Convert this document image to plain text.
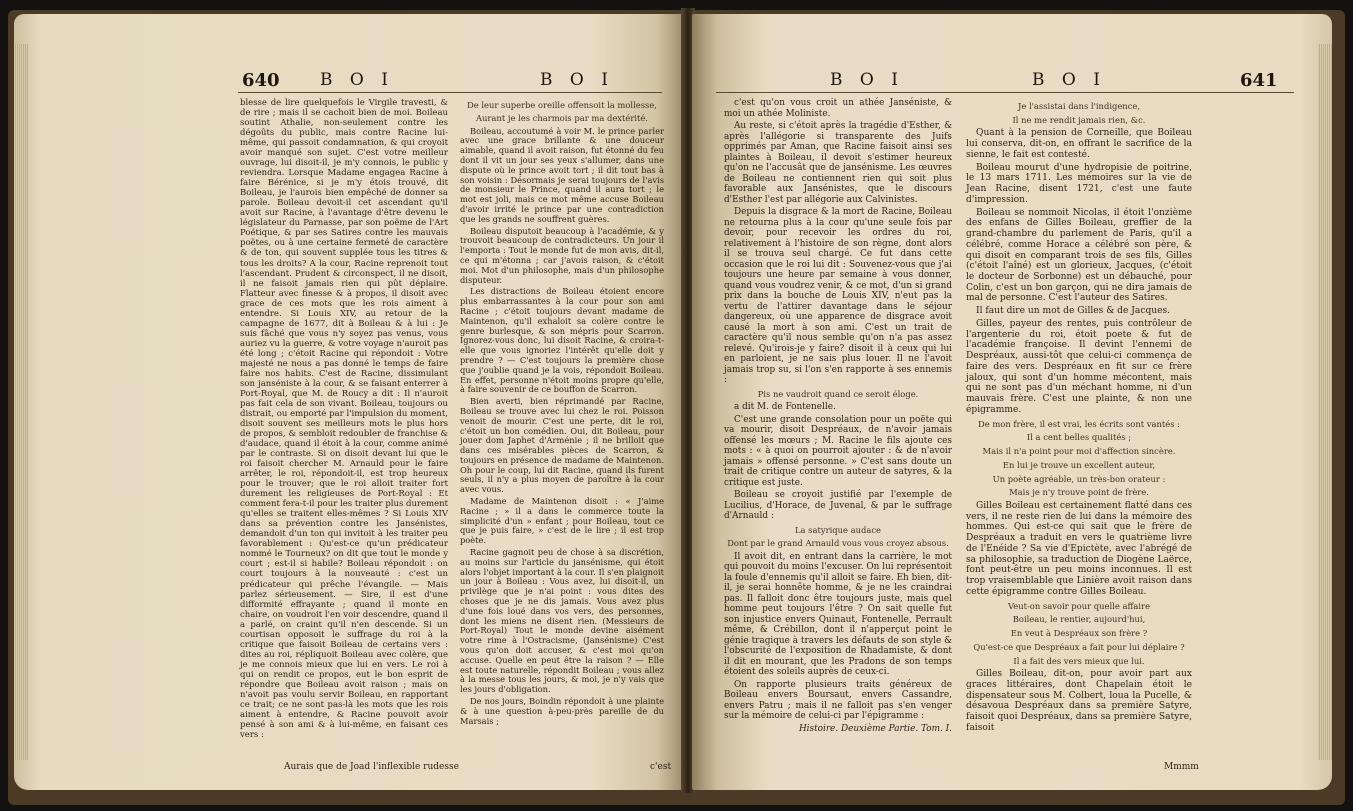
640 B O I	B O I

blesse de lire quelquefois le Virgile travesti, & de rire ; mais il se cachoit bien de moi. Boileau soutint Athalie, non-seulement contre les dégoûts du public, mais contre Racine lui-même, qui passoit condamnation, & qui croyoit avoir manqué son sujet. C'est votre meilleur ouvrage, lui disoit-il, je m'y connois, le public y reviendra. Lorsque Madame engagea Racine à faire Bérénice, si je m'y étois trouvé, dit Boileau, je l'aurois bien empêché de donner sa parole. Boileau devoit-il cet ascendant qu'il avoit sur Racine, à l'avantage d'être devenu le législateur du Parnasse, par son poëme de l'Art Poétique, & par ses Satires contre les mauvais poëtes, ou à une certaine fermeté de caractère & de ton, qui souvent supplée tous les titres & tous les droits? A la cour, Racine reprenoit tout l'ascendant. Prudent & circonspect, il ne disoit, il ne faisoit jamais rien qui pût déplaire. Flatteur avec finesse & à propos, il disoit avec grace de ces mots que les rois aiment à entendre. Si Louis XIV, au retour de la campagne de 1677, dit à Boileau & à lui : Je suis fâché que vous n'y soyez pas venus, vous auriez vu la guerre, & votre voyage n'auroit pas été long ; c'étoit Racine qui répondoit : Votre majesté ne nous a pas donné le temps de faire faire nos habits. C'est de Racine, dissimulant son janséniste à la cour, & se faisant enterrer à Port-Royal, que M. de Roucy a dit : Il n'auroit pas fait cela de son vivant. Boileau, toujours ou distrait, ou emporté par l'impulsion du moment, disoit souvent ses meilleurs mots le plus hors de propos, & sembloit redoubler de franchise & d'audace, quand il étoit à la cour, comme animé par le contraste. Si on disoit devant lui que le roi faisoit chercher M. Arnauld pour le faire arrêter, le roi, répondoit-il, est trop heureux pour le trouver; que le roi alloit traiter fort durement les religieuses de Port-Royal : Et comment fera-t-il pour les traiter plus durement qu'elles se traitent elles-mêmes ? Si Louis XIV dans sa prévention contre les Jansénistes, demandoit d'un ton qui invitoit à les traiter peu favorablement : Qu'est-ce qu'un prédicateur nommé le Tourneux? on dit que tout le monde y court ; est-il si habile? Boileau répondoit : on court toujours à la nouveauté : c'est un prédicateur qui prêche l'évangile. — Mais parlez sérieusement. — Sire, il est d'une difformité effrayante ; quand il monte en chaire, on voudroit l'en voir descendre, quand il a parlé, on craint qu'il n'en descende. Si un courtisan opposoit le suffrage du roi à la critique que faisoit Boileau de certains vers : dites au roi, répliquoit Boileau avec colère, que je me connois mieux que lui en vers. Le roi à qui on rendit ce propos, eut le bon esprit de répondre que Boileau avoit raison ; mais on n'avoit pas voulu servir Boileau, en rapportant ce trait; ce ne sont pas-là les mots que les rois aiment à entendre, & Racine pouvoit avoir pensé à son ami & à lui-même, en faisant ces vers :

Aurais que de Joad l'inflexible rudesse

De leur superbe oreille offensoit la mollesse,

Aurant je les charmois par ma dextérité.

Boileau, accoutumé à voir M. le prince parler avec une grace brillante & une douceur aimable, quand il avoit raison, fut étonné du feu dont il vit un jour ses yeux s'allumer, dans une dispute où le prince avoit tort ; il dit tout bas à son voisin : Désormais je serai toujours de l'avis de monsieur le Prince, quand il aura tort ; le mot est joli, mais ce mot même accuse Boileau d'avoir irrité le prince par une contradiction que les grands ne souffrent guères.

Boileau disputoit beaucoup à l'académie, & y trouvoit beaucoup de contradicteurs. Un jour il l'emporta : Tout le monde fut de mon avis, dit-il, ce qui m'étonna ; car j'avois raison, & c'étoit moi. Mot d'un philosophe, mais d'un philosophe disputeur.

Les distractions de Boileau étoient encore plus embarrassantes à la cour pour son ami Racine ; c'étoit toujours devant madame de Maintenon, qu'il exhaloit sa colère contre le genre burlesque, & son mépris pour Scarron. Ignorez-vous donc, lui disoit Racine, & croira-t-elle que vous ignoriez l'intérêt qu'elle doit y prendre ? — C'est toujours la première chose que j'oublie quand je la vois, répondoit Boileau. En effet, personne n'étoit moins propre qu'elle, à faire souvenir de ce bouffon de Scarron.

Bien averti, bien réprimandé par Racine, Boileau se trouve avec lui chez le roi. Poisson venoit de mourir. C'est une perte, dit le roi, c'étoit un bon comédien. Oui, dit Boileau, pour jouer dom Japhet d'Arménie ; il ne brilloit que dans ces misérables pièces de Scarron, & toujours en présence de madame de Maintenon. Oh pour le coup, lui dit Racine, quand ils furent seuls, il n'y a plus moyen de paroître à la cour avec vous.

Madame de Maintenon disoit : « J'aime Racine ; » il a dans le commerce toute la simplicité d'un » enfant ; pour Boileau, tout ce que je puis faire, » c'est de le lire ; il est trop poète.

Racine gagnoit peu de chose à sa discrétion, au moins sur l'article du jansénisme, qui étoit alors l'objet important à la cour. Il s'en plaignoit un jour à Boileau : Vous avez, lui disoit-il, un privilège que je n'ai point : vous dites des choses que je ne dis jamais. Vous avez plus d'une fois loué dans vos vers, des personnes, dont les miens ne disent rien. (Messieurs de Port-Royal) Tout le monde devine aisément votre rime à l'Ostracisme, (Jansénisme) C'est vous qu'on doit accuser, & c'est moi qu'on accuse. Quelle en peut être la raison ? — Elle est toute naturelle, répondit Boileau ; vous allez à la messe tous les jours, & moi, je n'y vais que les jours d'obligation.

De nos jours, Boindin répondoit à une plainte & à une question à-peu-près pareille de du Marsais ;

c'est
B O I	B O I	641

c'est qu'on vous croit un athée Janséniste, & moi un athée Moliniste.

Au reste, si c'étoit après la tragédie d'Esther, & après l'allégorie si transparente des Juifs opprimés par Aman, que Racine faisoit ainsi ses plaintes à Boileau, il devoit s'estimer heureux qu'on ne l'accusât que de jansénisme. Les œuvres de Boileau ne contiennent rien qui soit plus favorable aux Jansénistes, que le discours d'Esther l'est par allégorie aux Calvinistes.

Depuis la disgrace & la mort de Racine, Boileau ne retourna plus à la cour qu'une seule fois par devoir, pour recevoir les ordres du roi, relativement à l'histoire de son règne, dont alors il se trouva seul chargé. Ce fut dans cette occasion que le roi lui dit : Souvenez-vous que j'ai toujours une heure par semaine à vous donner, quand vous voudrez venir, & ce mot, d'un si grand prix dans la bouche de Louis XIV, n'eut pas la vertu de l'attirer davantage dans le séjour dangereux, où une apparence de disgrace avoit causé la mort à son ami. C'est un trait de caractère qu'il nous semble qu'on n'a pas assez relevé. Qu'irois-je y faire? disoit il à ceux qui lui en parloient, je ne sais plus louer. Il ne l'avoit jamais trop su, si l'on s'en rapporte à ses ennemis :

Pis ne vaudroit quand ce seroit éloge.

a dit M. de Fontenelle.

C'est une grande consolation pour un poëte qui va mourir, disoit Despréaux, de n'avoir jamais offensé les mœurs ; M. Racine le fils ajoute ces mots : « à quoi on pourroit ajouter : & de n'avoir jamais » offensé personne. » C'est sans doute un trait de critique contre un auteur de satyres, & la critique est juste.

Boileau se croyoit justifié par l'exemple de Lucilius, d'Horace, de Juvenal, & par le suffrage d'Arnauld :

La satyrique audace

Dont par le grand Arnauld vous vous croyez absous.

Il avoit dit, en entrant dans la carrière, le mot qui pouvoit du moins l'excuser. On lui représentoit la foule d'ennemis qu'il alloit se faire. Eh bien, dit-il, je serai honnête homme, & je ne les craindrai pas. Il falloit donc être toujours juste, mais quel homme peut toujours l'être ? On sait quelle fut son injustice envers Quinaut, Fontenelle, Perrault même, & Crébillon, dont il n'apperçut point le génie tragique à travers les défauts de son style & l'obscurité de l'exposition de Rhadamiste, & dont il dit en mourant, que les Pradons de son temps étoient des soleils auprès de ceux-ci.

On rapporte plusieurs traits généreux de Boileau envers Boursaut, envers Cassandre, envers Patru ; mais il ne falloit pas s'en venger sur la mémoire de celui-ci par l'épigramme :

Histoire. Deuxième Partie. Tom. I.

Je l'assistai dans l'indigence,

Il ne me rendit jamais rien, &c.

Quant à la pension de Corneille, que Boileau lui conserva, dit-on, en offrant le sacrifice de la sienne, le fait est contesté.

Boileau mourut d'une hydropisie de poitrine, le 13 mars 1711. Les mémoires sur la vie de Jean Racine, disent 1721, c'est une faute d'impression.

Boileau se nommoit Nicolas, il étoit l'onzième des enfans de Gilles Boileau, greffier de la grand-chambre du parlement de Paris, qu'il a célébré, comme Horace a célébré son père, & qui disoit en comparant trois de ses fils, Gilles (c'étoit l'aîné) est un glorieux, Jacques, (c'étoit le docteur de Sorbonne) est un débauché, pour Colin, c'est un bon garçon, qui ne dira jamais de mal de personne. C'est l'auteur des Satires.

Il faut dire un mot de Gilles & de Jacques.

Gilles, payeur des rentes, puis contrôleur de l'argenterie du roi, étoit poete & fut de l'académie françoise. Il devint l'ennemi de Despréaux, aussi-tôt que celui-ci commença de faire des vers. Despréaux en fit sur ce frère jaloux, qui sont d'un homme mécontent, mais qui ne sont pas d'un méchant homme, ni d'un mauvais frère. C'est une plainte, & non une épigramme.

De mon frère, il est vrai, les écrits sont vantés :

Il a cent belles qualités ;

Mais il n'a point pour moi d'affection sincère.

En lui je trouve un excellent auteur,

Un poète agréable, un très-bon orateur :

Mais je n'y trouve point de frère.

Gilles Boileau est certainement flatté dans ces vers, il ne reste rien de lui dans la mémoire des hommes. Qui est-ce qui sait que le frère de Despréaux a traduit en vers le quatrième livre de l'Enéide ? Sa vie d'Epictète, avec l'abrégé de sa philosophie, sa traduction de Diogène Laërce, font peut-être un peu moins inconnues. Il est trop vraisemblable que Linière avoit raison dans cette épigramme contre Gilles Boileau.

Veut-on savoir pour quelle affaire

Boileau, le rentier, aujourd'hui,

En veut à Despréaux son frère ?

Qu'est-ce que Despréaux a fait pour lui déplaire ?

Il a fait des vers mieux que lui.

Gilles Boileau, dit-on, pour avoir part aux graces littéraires, dont Chapelain étoit le dispensateur sous M. Colbert, loua la Pucelle, & désavoua Despréaux dans sa première Satyre, faisoit quoi Despréaux, dans sa première Satyre, faisoit

Mmmm
